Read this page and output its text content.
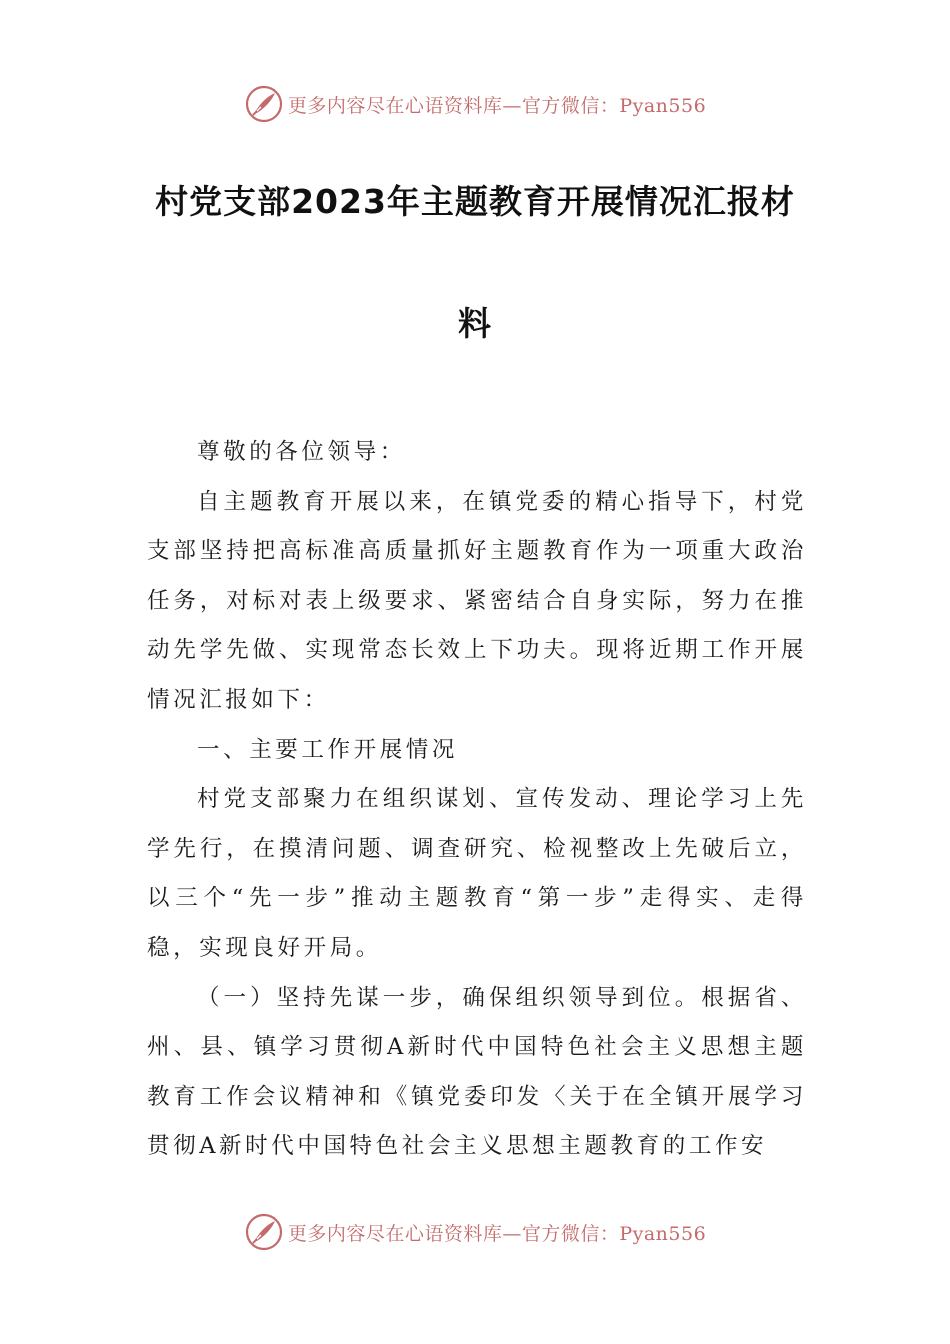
更多内容尽在心语资料库—官方微信：Pyan556
村党支部2023年主题教育开展情况汇报材
料

尊敬的各位领导：

自主题教育开展以来，在镇党委的精心指导下，村党支部坚持把高标准高质量抓好主题教育作为一项重大政治任务，对标对表上级要求、紧密结合自身实际，努力在推动先学先做、实现常态长效上下功夫。现将近期工作开展情况汇报如下：

一、主要工作开展情况

村党支部聚力在组织谋划、宣传发动、理论学习上先学先行，在摸清问题、调查研究、检视整改上先破后立，以三个“先一步”推动主题教育“第一步”走得实、走得稳，实现良好开局。

（一）坚持先谋一步，确保组织领导到位。根据省、州、县、镇学习贯彻A新时代中国特色社会主义思想主题教育工作会议精神和《镇党委印发〈关于在全镇开展学习贯彻A新时代中国特色社会主义思想主题教育的工作安

更多内容尽在心语资料库—官方微信：Pyan556
